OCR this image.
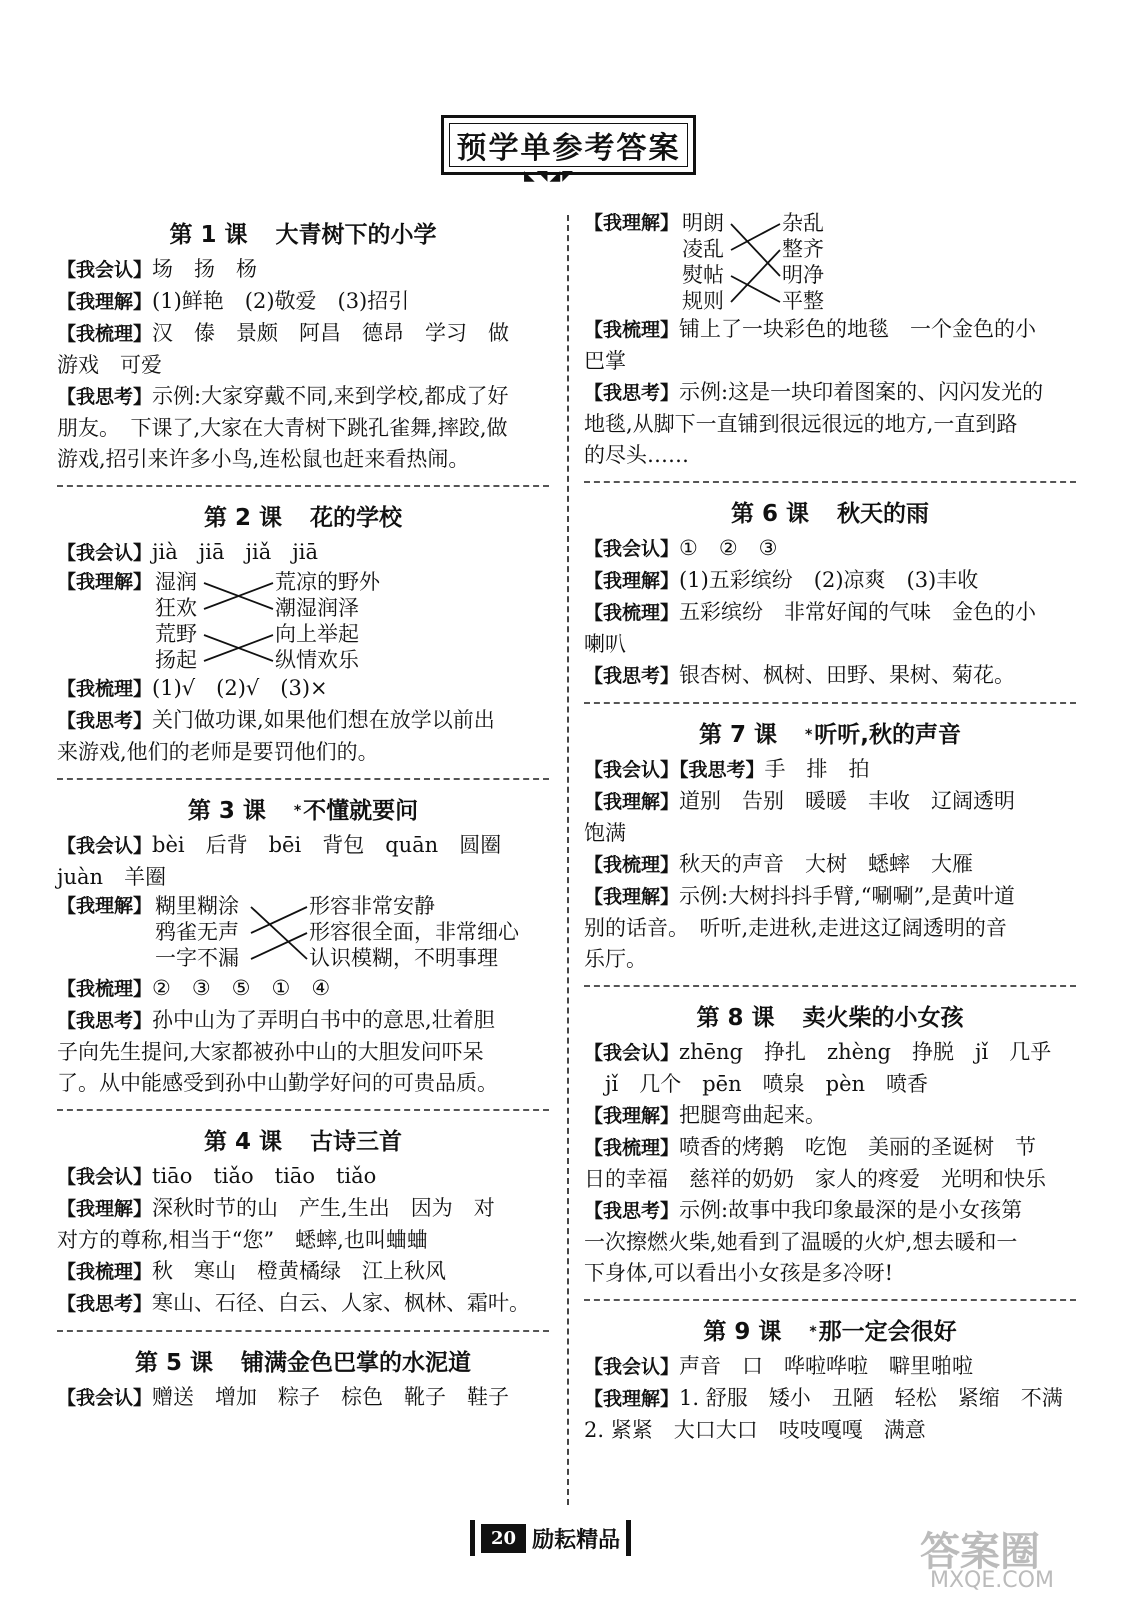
预学单参考答案
◣◥◢◤
第 1 课 大青树下的小学
【我会认】场　扬　杨
【我理解】(1)鲜艳　(2)敬爱　(3)招引
【我梳理】汉　傣　景颇　阿昌　德昂　学习　做
游戏　可爱
【我思考】示例:大家穿戴不同,来到学校,都成了好
朋友。　下课了,大家在大青树下跳孔雀舞,摔跤,做
游戏,招引来许多小鸟,连松鼠也赶来看热闹。
第 2 课 花的学校
【我会认】jià　jiā　jiǎ　jiā
【我理解】 湿润
狂欢
荒野
扬起
荒凉的野外
潮湿润泽
向上举起
纵情欢乐
【我梳理】(1)√　(2)√　(3)×
【我思考】关门做功课,如果他们想在放学以前出
来游戏,他们的老师是要罚他们的。
第 3 课 *不懂就要问
【我会认】bèi　后背　bēi　背包　quān　圆圈
juàn　羊圈
【我理解】 糊里糊涂
鸦雀无声
一字不漏
形容非常安静
形容很全面，非常细心
认识模糊，不明事理
【我梳理】②　③　⑤　①　④
【我思考】孙中山为了弄明白书中的意思,壮着胆
子向先生提问,大家都被孙中山的大胆发问吓呆
了。从中能感受到孙中山勤学好问的可贵品质。
第 4 课 古诗三首
【我会认】tiāo　tiǎo　tiāo　tiǎo
【我理解】深秋时节的山　产生,生出　因为　对
对方的尊称,相当于“您”　蟋蟀,也叫蛐蛐
【我梳理】秋　寒山　橙黄橘绿　江上秋风
【我思考】寒山、石径、白云、人家、枫林、霜叶。
第 5 课 铺满金色巴掌的水泥道
【我会认】赠送　增加　粽子　棕色　靴子　鞋子
【我理解】 明朗
凌乱
熨帖
规则
杂乱
整齐
明净
平整
【我梳理】铺上了一块彩色的地毯　一个金色的小
巴掌
【我思考】示例:这是一块印着图案的、闪闪发光的
地毯,从脚下一直铺到很远很远的地方,一直到路
的尽头……
第 6 课 秋天的雨
【我会认】①　②　③
【我理解】(1)五彩缤纷　(2)凉爽　(3)丰收
【我梳理】五彩缤纷　非常好闻的气味　金色的小
喇叭
【我思考】银杏树、枫树、田野、果树、菊花。
第 7 课 *听听,秋的声音
【我会认】【我思考】手　排　拍
【我理解】道别　告别　暖暖　丰收　辽阔透明
饱满
【我梳理】秋天的声音　大树　蟋蟀　大雁
【我理解】示例:大树抖抖手臂,“唰唰”,是黄叶道
别的话音。　听听,走进秋,走进这辽阔透明的音
乐厅。
第 8 课 卖火柴的小女孩
【我会认】zhēng　挣扎　zhèng　挣脱　jǐ　几乎
　jǐ　几个　pēn　喷泉　pèn　喷香
【我理解】把腿弯曲起来。
【我梳理】喷香的烤鹅　吃饱　美丽的圣诞树　节
日的幸福　慈祥的奶奶　家人的疼爱　光明和快乐
【我思考】示例:故事中我印象最深的是小女孩第
一次擦燃火柴,她看到了温暖的火炉,想去暖和一
下身体,可以看出小女孩是多冷呀!
第 9 课 *那一定会很好
【我会认】声音　口　哗啦哗啦　噼里啪啦
【我理解】1. 舒服　矮小　丑陋　轻松　紧缩　不满
2. 紧紧　大口大口　吱吱嘎嘎　满意
20 励耘精品	答案圈
MXQE.COM
